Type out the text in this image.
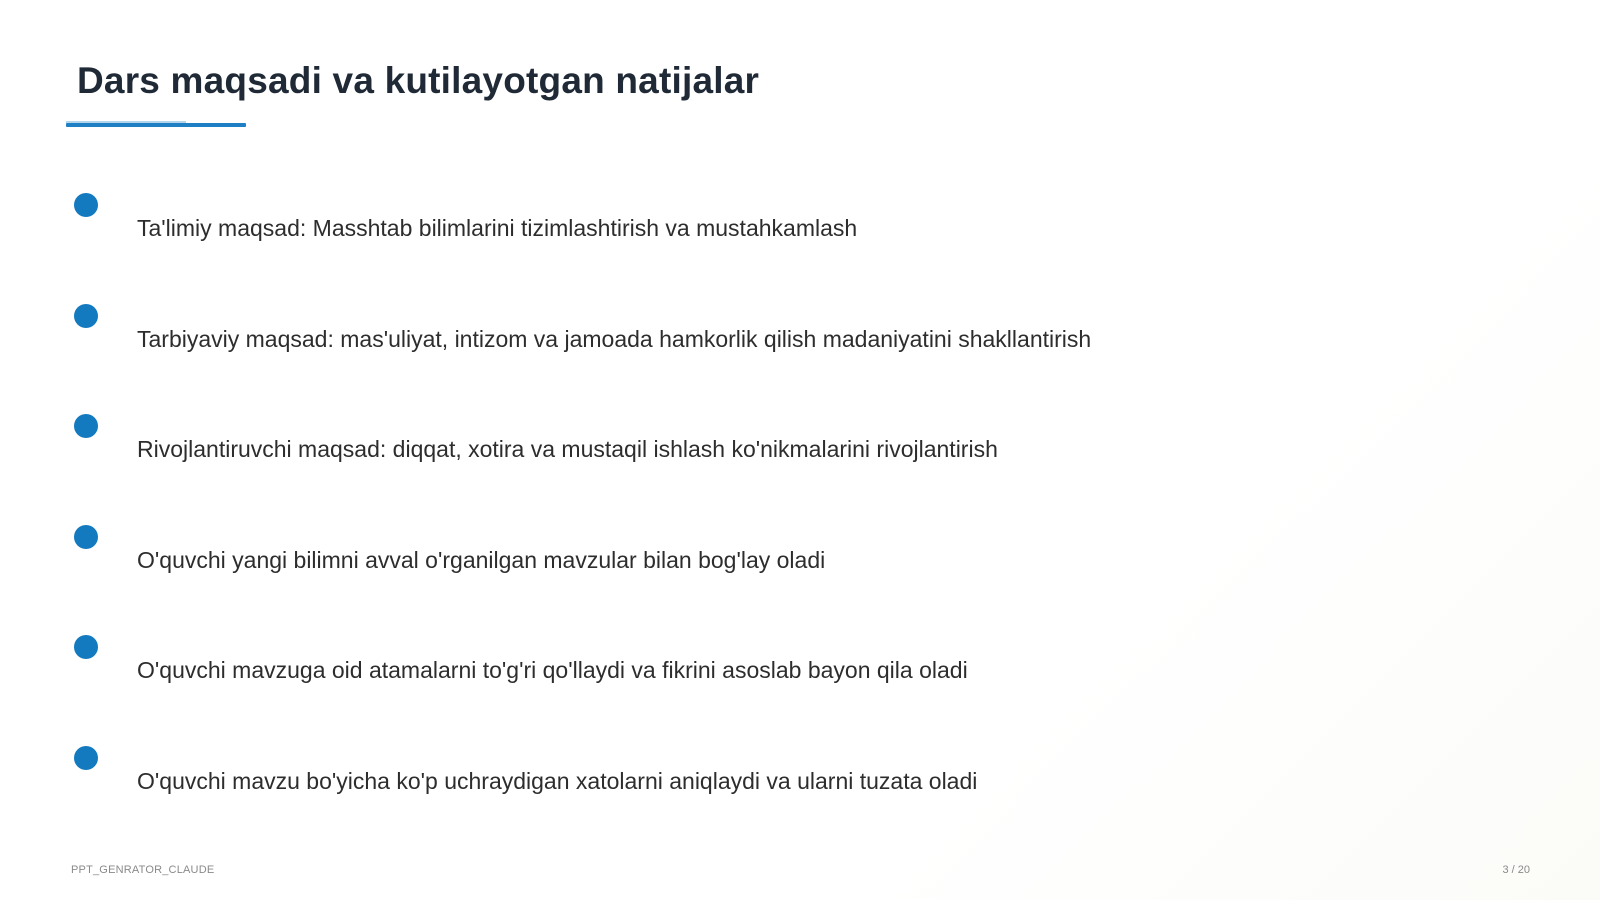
Dars maqsadi va kutilayotgan natijalar
Ta'limiy maqsad: Masshtab bilimlarini tizimlashtirish va mustahkamlash
Tarbiyaviy maqsad: mas'uliyat, intizom va jamoada hamkorlik qilish madaniyatini shakllantirish
Rivojlantiruvchi maqsad: diqqat, xotira va mustaqil ishlash ko'nikmalarini rivojlantirish
O'quvchi yangi bilimni avval o'rganilgan mavzular bilan bog'lay oladi
O'quvchi mavzuga oid atamalarni to'g'ri qo'llaydi va fikrini asoslab bayon qila oladi
O'quvchi mavzu bo'yicha ko'p uchraydigan xatolarni aniqlaydi va ularni tuzata oladi
PPT_GENRATOR_CLAUDE	3 / 20
